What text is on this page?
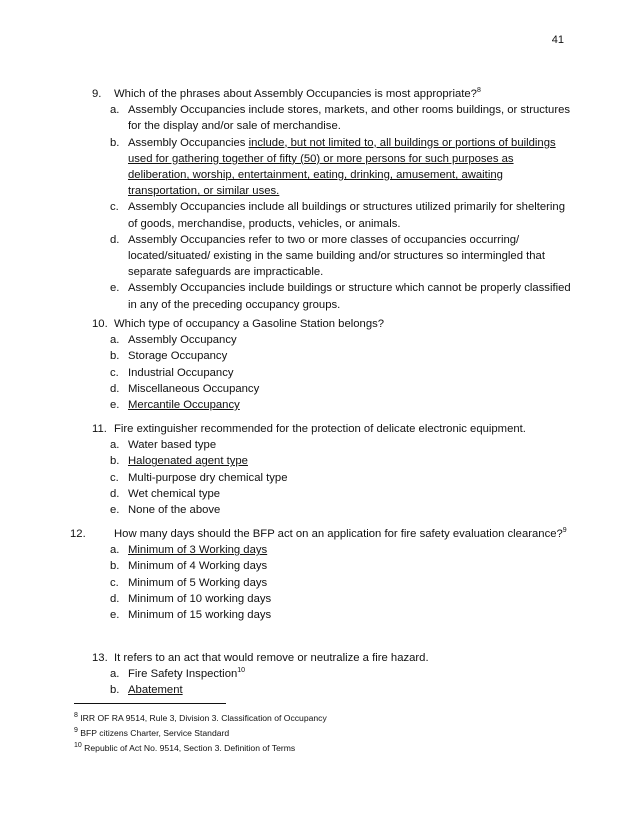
41

9. Which of the phrases about Assembly Occupancies is most appropriate?$^8$

a. Assembly Occupancies include stores, markets, and other rooms buildings, or structures for the display and/or sale of merchandise.
b. Assembly Occupancies include, but not limited to, all buildings or portions of buildings used for gathering together of fifty (50) or more persons for such purposes as deliberation, worship, entertainment, eating, drinking, amusement, awaiting transportation, or similar uses.
c. Assembly Occupancies include all buildings or structures utilized primarily for sheltering of goods, merchandise, products, vehicles, or animals.
d. Assembly Occupancies refer to two or more classes of occupancies occurring/ located/situated/ existing in the same building and/or structures so intermingled that separate safeguards are impracticable.
e. Assembly Occupancies include buildings or structure which cannot be properly classified in any of the preceding occupancy groups.

10. Which type of occupancy a Gasoline Station belongs?

a. Assembly Occupancy
b. Storage Occupancy
c. Industrial Occupancy
d. Miscellaneous Occupancy
e. Mercantile Occupancy

11. Fire extinguisher recommended for the protection of delicate electronic equipment.

a. Water based type
b. Halogenated agent type
c. Multi-purpose dry chemical type
d. Wet chemical type
e. None of the above

12.	How many days should the BFP act on an application for fire safety evaluation clearance?$^9$

a. Minimum of 3 Working days
b. Minimum of 4 Working days
c. Minimum of 5 Working days
d. Minimum of 10 working days
e. Minimum of 15 working days

13. It refers to an act that would remove or neutralize a fire hazard.

a. Fire Safety Inspection$^{10}$
b. Abatement
$^8$ IRR OF RA 9514, Rule 3, Division 3. Classification of Occupancy
$^9$ BFP citizens Charter, Service Standard
$^{10}$ Republic of Act No. 9514, Section 3. Definition of Terms
